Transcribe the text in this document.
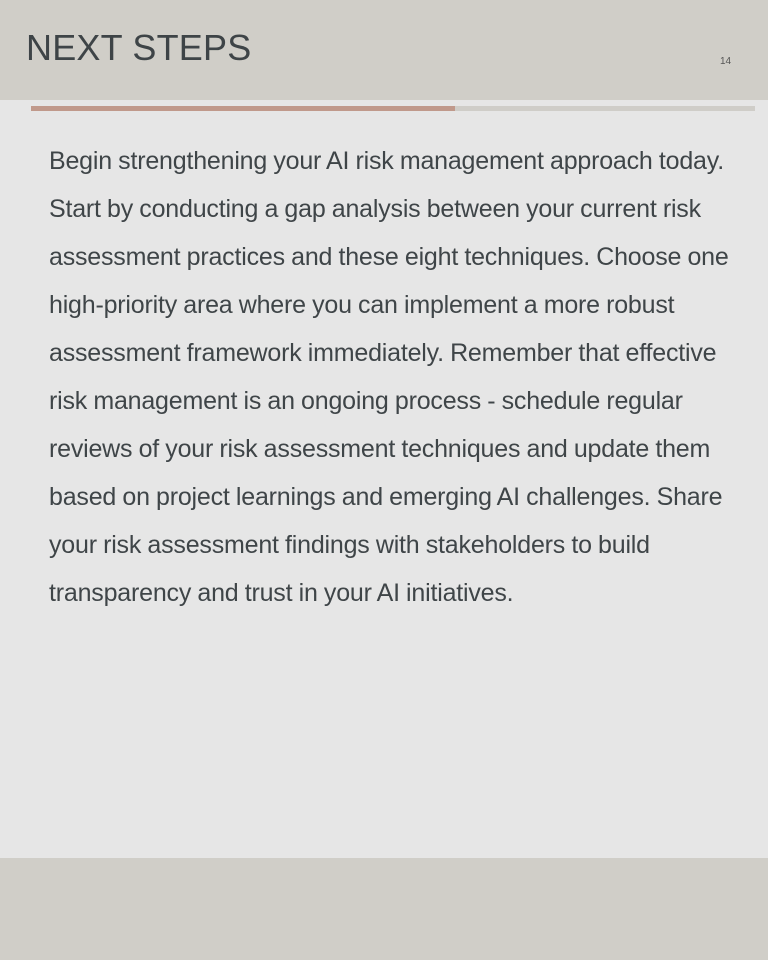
NEXT STEPS	14

Begin strengthening your AI risk management approach today. Start by conducting a gap analysis between your current risk assessment practices and these eight techniques. Choose one high-priority area where you can implement a more robust assessment framework immediately. Remember that effective risk management is an ongoing process - schedule regular reviews of your risk assessment techniques and update them based on project learnings and emerging AI challenges. Share your risk assessment findings with stakeholders to build transparency and trust in your AI initiatives.
